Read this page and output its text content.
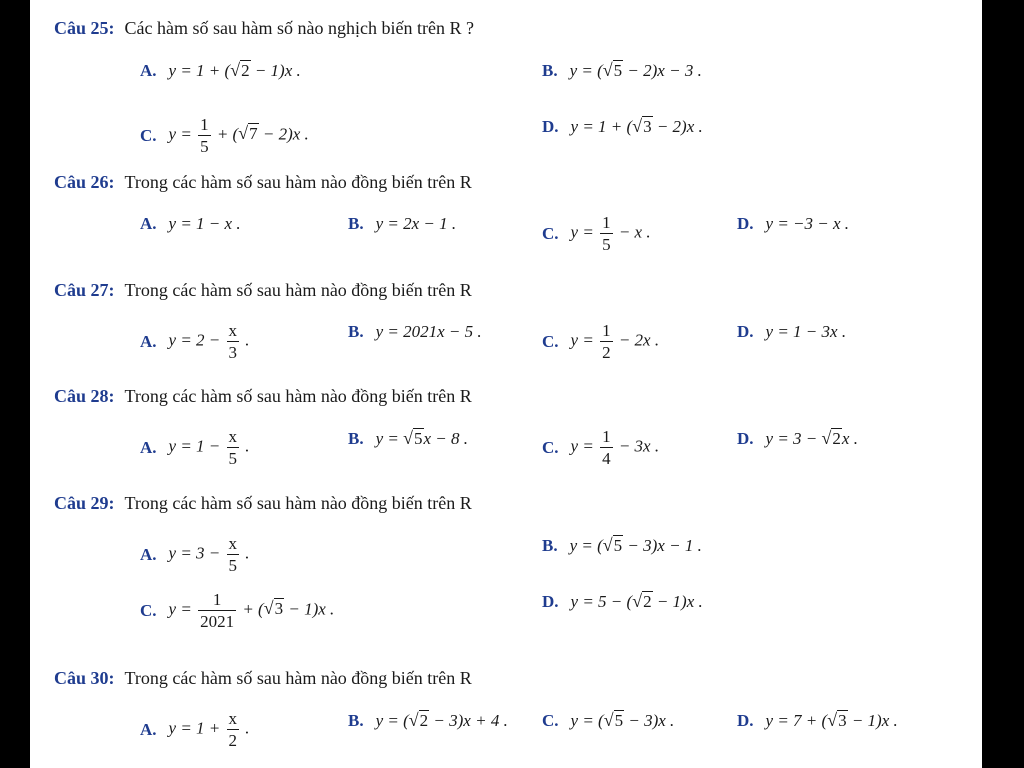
Câu 25: Các hàm số sau hàm số nào nghịch biến trên R ?
A. y = 1 + ( √ 2 − 1)x .	B. y = ( √ 5 − 2)x − 3 .
C. $y = \frac{1}{5}$ + ( √ 7 − 2)x .	D. y = 1 + ( √ 3 − 2)x .
Câu 26: Trong các hàm số sau hàm nào đồng biến trên R
A. y = 1 − x .	B. y = 2x − 1 .	C. $y = \frac{1}{5} - x$ .	D. y = −3 − x .
Câu 27: Trong các hàm số sau hàm nào đồng biến trên R
A. $y = 2 - \frac{x}{3}$ .	B. y = 2021x − 5 .	C. $y = \frac{1}{2} - 2x$ .	D. y = 1 − 3x .
Câu 28: Trong các hàm số sau hàm nào đồng biến trên R
A. $y = 1 - \frac{x}{5}$ .	B. y = √ 5 x − 8 .	C. $y = \frac{1}{4} - 3x$ .	D. y = 3 − √ 2 x .
Câu 29: Trong các hàm số sau hàm nào đồng biến trên R
A. $y = 3 - \frac{x}{5}$ .	B. y = ( √ 5 − 3)x − 1 .
C. $y = \frac{1}{2021}$ + ( √ 3 − 1)x .	D. y = 5 − ( √ 2 − 1)x .
Câu 30: Trong các hàm số sau hàm nào đồng biến trên R
A. $y = 1 + \frac{x}{2}$ .	B. y = ( √ 2 − 3)x + 4 . C. y = ( √ 5 − 3)x .	D. y = 7 + ( √ 3 − 1)x .
